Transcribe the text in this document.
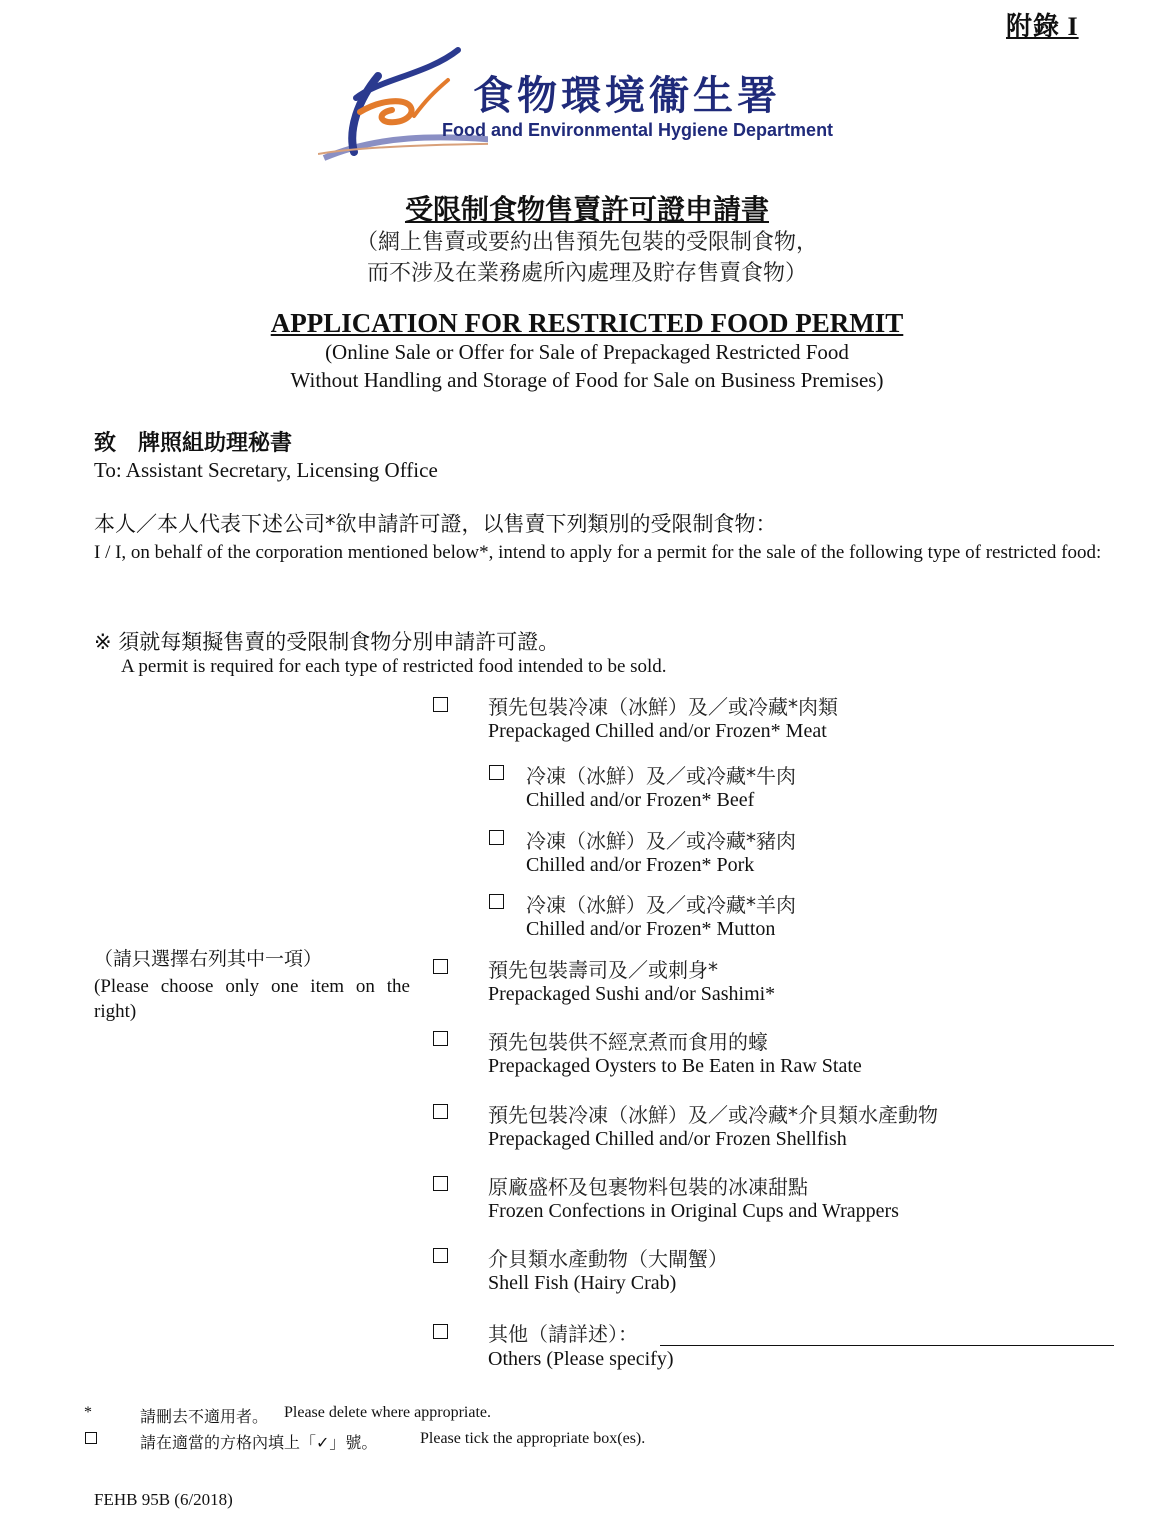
附錄 I
食物環境衞生署
Food and Environmental Hygiene Department
受限制食物售賣許可證申請書
（網上售賣或要約出售預先包裝的受限制食物，
而不涉及在業務處所內處理及貯存售賣食物）
APPLICATION FOR RESTRICTED FOOD PERMIT
(Online Sale or Offer for Sale of Prepackaged Restricted Food
Without Handling and Storage of Food for Sale on Business Premises)
致　牌照組助理秘書
To: Assistant Secretary, Licensing Office
本人／本人代表下述公司*欲申請許可證，以售賣下列類別的受限制食物：
I / I, on behalf of the corporation mentioned below*, intend to apply for a permit for the sale of the following type of restricted food:
※ 須就每類擬售賣的受限制食物分別申請許可證。
A permit is required for each type of restricted food intended to be sold.
（請只選擇右列其中一項）
(Please choose only one item on the right)
預先包裝冷凍（冰鮮）及／或冷藏*肉類
Prepackaged Chilled and/or Frozen* Meat
冷凍（冰鮮）及／或冷藏*牛肉
Chilled and/or Frozen* Beef
冷凍（冰鮮）及／或冷藏*豬肉
Chilled and/or Frozen* Pork
冷凍（冰鮮）及／或冷藏*羊肉
Chilled and/or Frozen* Mutton
預先包裝壽司及／或刺身*
Prepackaged Sushi and/or Sashimi*
預先包裝供不經烹煮而食用的蠔
Prepackaged Oysters to Be Eaten in Raw State
預先包裝冷凍（冰鮮）及／或冷藏*介貝類水產動物
Prepackaged Chilled and/or Frozen Shellfish
原廠盛杯及包裹物料包裝的冰凍甜點
Frozen Confections in Original Cups and Wrappers
介貝類水產動物（大閘蟹）
Shell Fish (Hairy Crab)
其他（請詳述）：
Others (Please specify)
*	請刪去不適用者。 Please delete where appropriate.
請在適當的方格內填上「✓」號。	Please tick the appropriate box(es).
FEHB 95B (6/2018)
